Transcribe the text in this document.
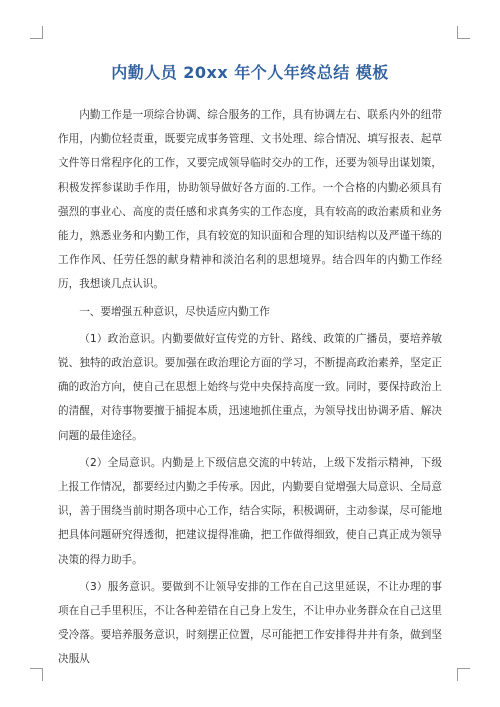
内勤人员 20xx 年个人年终总结 模板

内勤工作是一项综合协调、综合服务的工作，具有协调左右、联系内外的纽带作用，内勤位轻责重，既要完成事务管理、文书处理、综合情况、填写报表、起草文件等日常程序化的工作，又要完成领导临时交办的工作，还要为领导出谋划策，积极发挥参谋助手作用，协助领导做好各方面的.工作。一个合格的内勤必须具有强烈的事业心、高度的责任感和求真务实的工作态度，具有较高的政治素质和业务能力，熟悉业务和内勤工作，具有较宽的知识面和合理的知识结构以及严谨干练的工作作风、任劳任怨的献身精神和淡泊名利的思想境界。结合四年的内勤工作经历，我想谈几点认识。

一、要增强五种意识，尽快适应内勤工作

（1）政治意识。内勤要做好宣传党的方针、路线、政策的广播员，要培养敏锐、独特的政治意识。要加强在政治理论方面的学习，不断提高政治素养，坚定正确的政治方向，使自己在思想上始终与党中央保持高度一致。同时，要保持政治上的清醒，对待事物要擅于捕捉本质，迅速地抓住重点，为领导找出协调矛盾、解决问题的最佳途径。

（2）全局意识。内勤是上下级信息交流的中转站，上级下发指示精神，下级上报工作情况，都要经过内勤之手传承。因此，内勤要自觉增强大局意识、全局意识，善于围绕当前时期各项中心工作，结合实际，积极调研，主动参谋，尽可能地把具体问题研究得透彻，把建议提得准确，把工作做得细致，使自己真正成为领导决策的得力助手。

（3）服务意识。要做到不让领导安排的工作在自己这里延误，不让办理的事项在自己手里积压，不让各种差错在自己身上发生，不让申办业务群众在自己这里受冷落。要培养服务意识，时刻摆正位置，尽可能把工作安排得井井有条，做到坚决服从
